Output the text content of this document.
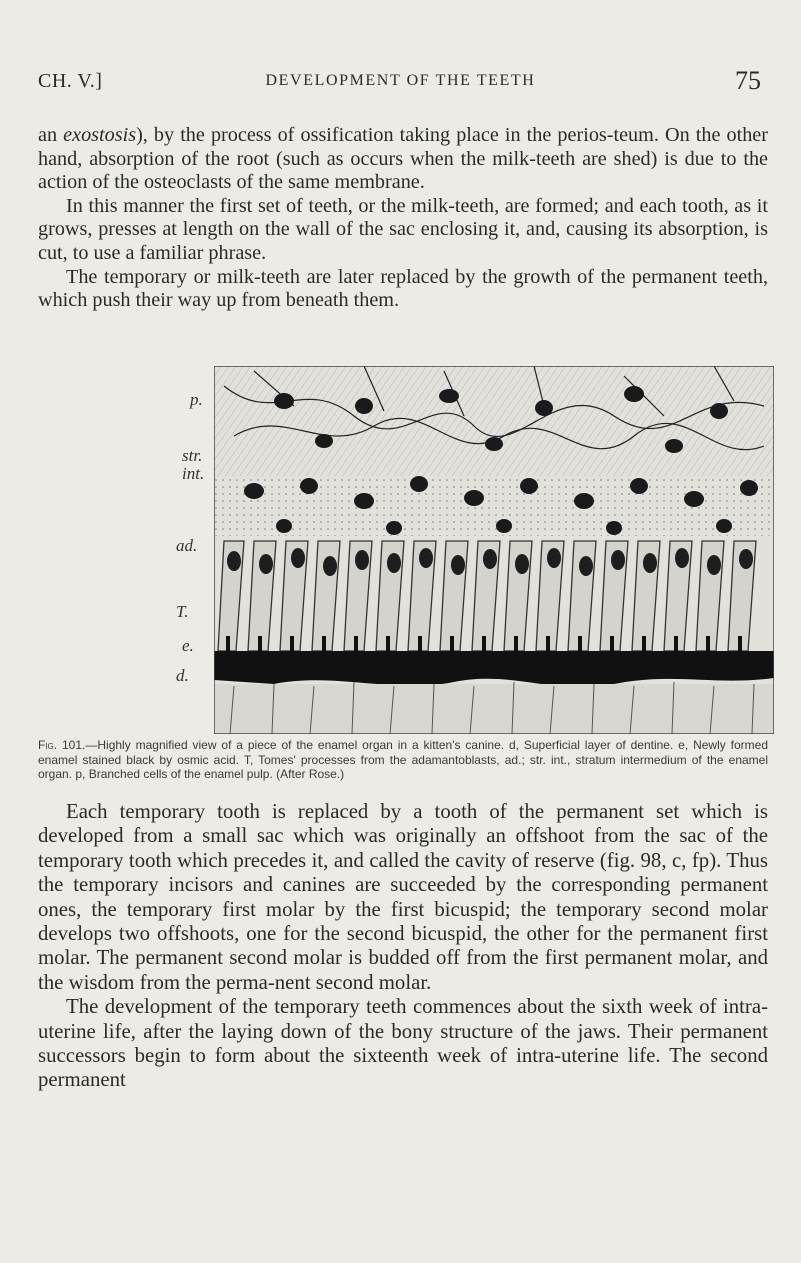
CH. V.]	DEVELOPMENT OF THE TEETH	75

an exostosis), by the process of ossification taking place in the perios-teum. On the other hand, absorption of the root (such as occurs when the milk-teeth are shed) is due to the action of the osteoclasts of the same membrane.

In this manner the first set of teeth, or the milk-teeth, are formed; and each tooth, as it grows, presses at length on the wall of the sac enclosing it, and, causing its absorption, is cut, to use a familiar phrase.

The temporary or milk-teeth are later replaced by the growth of the permanent teeth, which push their way up from beneath them.

p.
str.
int.
ad.
T.
e.
d.
Fig. 101.—Highly magnified view of a piece of the enamel organ in a kitten's canine. d, Superficial layer of dentine. e, Newly formed enamel stained black by osmic acid. T, Tomes' processes from the adamantoblasts, ad.; str. int., stratum intermedium of the enamel organ. p, Branched cells of the enamel pulp. (After Rose.)

Each temporary tooth is replaced by a tooth of the permanent set which is developed from a small sac which was originally an offshoot from the sac of the temporary tooth which precedes it, and called the cavity of reserve (fig. 98, c, fp). Thus the temporary incisors and canines are succeeded by the corresponding permanent ones, the temporary first molar by the first bicuspid; the temporary second molar develops two offshoots, one for the second bicuspid, the other for the permanent first molar. The permanent second molar is budded off from the first permanent molar, and the wisdom from the perma-nent second molar.

The development of the temporary teeth commences about the sixth week of intra-uterine life, after the laying down of the bony structure of the jaws. Their permanent successors begin to form about the sixteenth week of intra-uterine life. The second permanent
